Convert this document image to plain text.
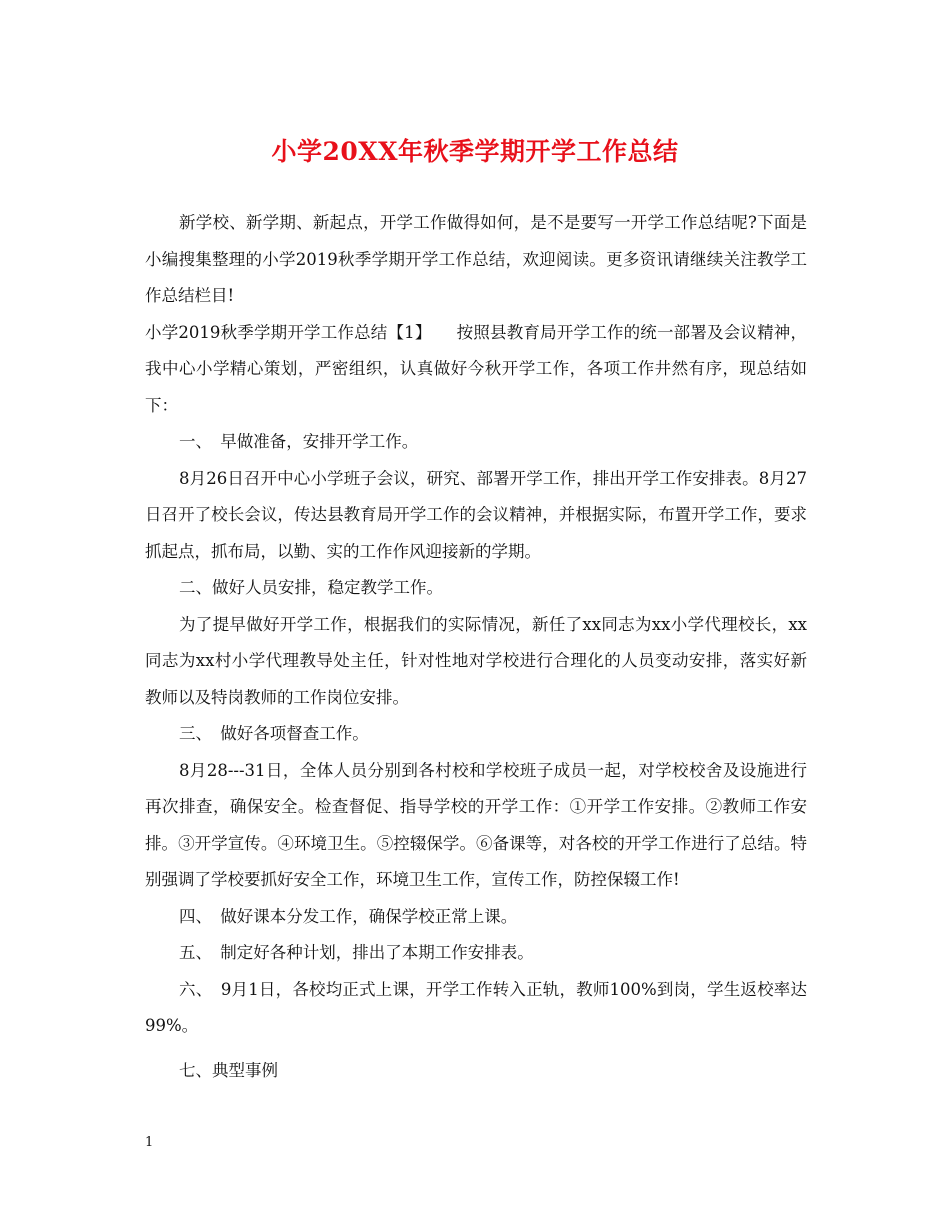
小学20XX年秋季学期开学工作总结

新学校、新学期、新起点，开学工作做得如何，是不是要写一开学工作总结呢?下面是小编搜集整理的小学2019秋季学期开学工作总结，欢迎阅读。更多资讯请继续关注教学工作总结栏目!

小学2019秋季学期开学工作总结【1】　　按照县教育局开学工作的统一部署及会议精神，我中心小学精心策划，严密组织，认真做好今秋开学工作，各项工作井然有序，现总结如下：

一、　早做准备，安排开学工作。

8月26日召开中心小学班子会议，研究、部署开学工作，排出开学工作安排表。8月27日召开了校长会议，传达县教育局开学工作的会议精神，并根据实际，布置开学工作，要求抓起点，抓布局，以勤、实的工作作风迎接新的学期。

二、做好人员安排，稳定教学工作。

为了提早做好开学工作，根据我们的实际情况，新任了xx同志为xx小学代理校长，xx同志为xx村小学代理教导处主任，针对性地对学校进行合理化的人员变动安排，落实好新教师以及特岗教师的工作岗位安排。

三、　做好各项督查工作。

8月28---31日，全体人员分别到各村校和学校班子成员一起，对学校校舍及设施进行再次排查，确保安全。检查督促、指导学校的开学工作：①开学工作安排。②教师工作安排。③开学宣传。④环境卫生。⑤控辍保学。⑥备课等，对各校的开学工作进行了总结。特别强调了学校要抓好安全工作，环境卫生工作，宣传工作，防控保辍工作!

四、　做好课本分发工作，确保学校正常上课。

五、　制定好各种计划，排出了本期工作安排表。

六、　9月1日，各校均正式上课，开学工作转入正轨，教师100%到岗，学生返校率达99%。

七、典型事例

1
